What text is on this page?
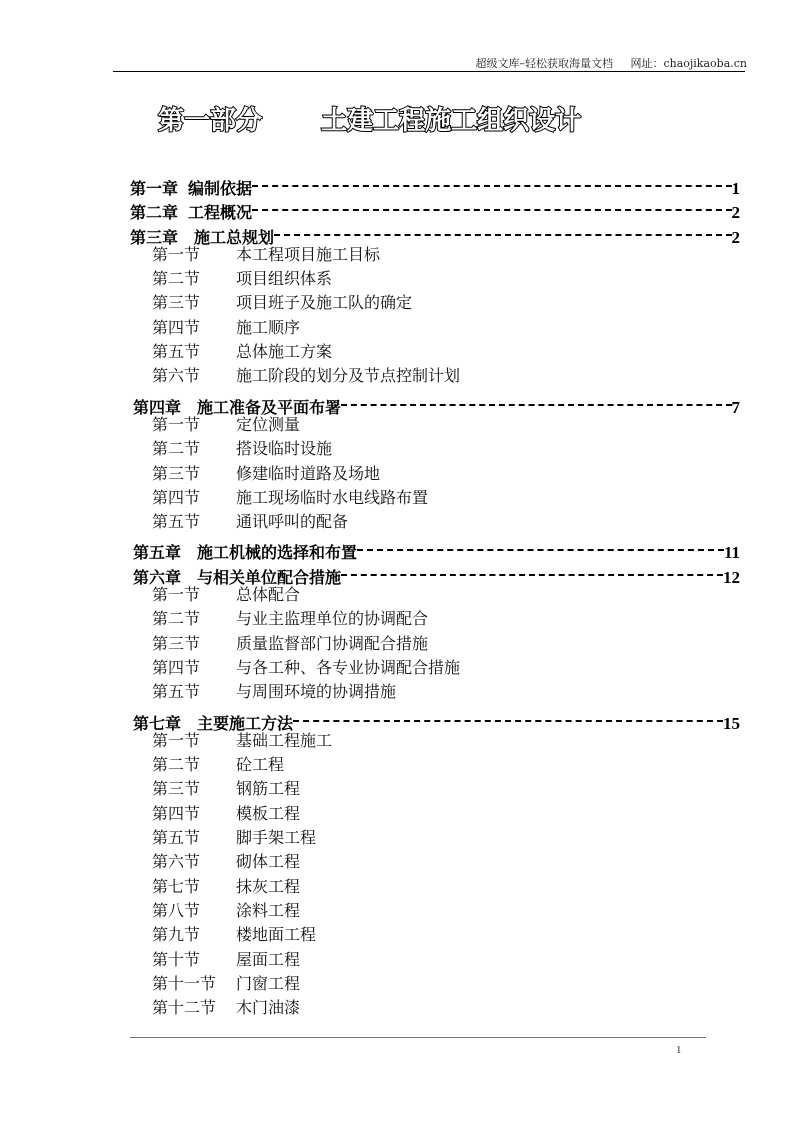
超级文库–轻松获取海量文档 网址：chaojikaoba.cn
第一部分 土建工程施工组织设计
第一章 编制依据	1
第二章 工程概况	2
第三章 施工总规划	2
第一节 本工程项目施工目标
第二节 项目组织体系
第三节 项目班子及施工队的确定
第四节 施工顺序
第五节 总体施工方案
第六节 施工阶段的划分及节点控制计划
第四章 施工准备及平面布署	7
第一节 定位测量
第二节 搭设临时设施
第三节 修建临时道路及场地
第四节 施工现场临时水电线路布置
第五节 通讯呼叫的配备
第五章 施工机械的选择和布置	11
第六章 与相关单位配合措施	12
第一节 总体配合
第二节 与业主监理单位的协调配合
第三节 质量监督部门协调配合措施
第四节 与各工种、各专业协调配合措施
第五节 与周围环境的协调措施
第七章 主要施工方法	15
第一节 基础工程施工
第二节 砼工程
第三节 钢筋工程
第四节 模板工程
第五节 脚手架工程
第六节 砌体工程
第七节 抹灰工程
第八节 涂料工程
第九节 楼地面工程
第十节 屋面工程
第十一节 门窗工程
第十二节 木门油漆
1
